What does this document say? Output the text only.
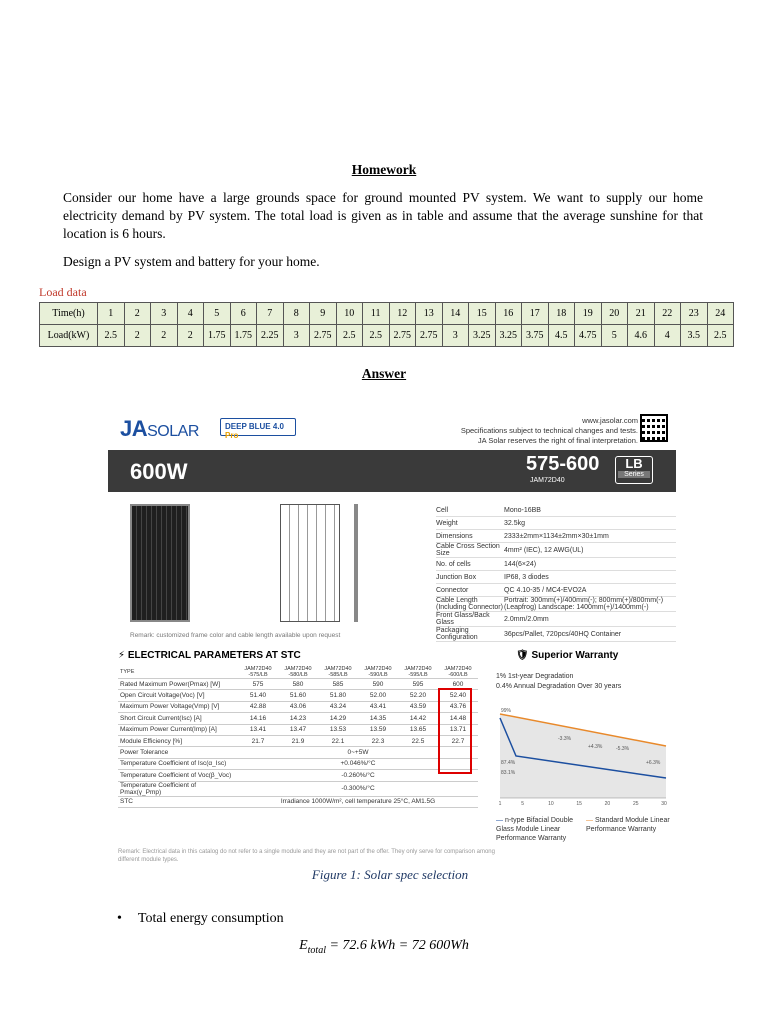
Homework
Consider our home have a large grounds space for ground mounted PV system. We want to supply our home electricity demand by PV system. The total load is given as in table and assume that the average sunshine for that location is 6 hours.
Design a PV system and battery for your home.
Load data
Time(h)	1	2	3	4	5	6	7	8	9	10	11	12	13	14	15	16	17	18	19	20	21	22	23	24
Load(kW)	2.5	2	2	2	1.75	1.75	2.25	3	2.75	2.5	2.5	2.75	2.75	3	3.25	3.25	3.75	4.5	4.75	5	4.6	4	3.5	2.5
Answer
JASOLAR	DEEP BLUE 4.0 Pro
www.jasolar.com
Specifications subject to technical changes and tests.
JA Solar reserves the right of final interpretation.
600W	575-600
JAM72D40
LB
Series
Remark: customized frame color and cable length available upon request
Cell	Mono-16BB
Weight	32.5kg
Dimensions	2333±2mm×1134±2mm×30±1mm
Cable Cross Section Size	4mm² (IEC), 12 AWG(UL)
No. of cells	144(6×24)
Junction Box	IP68, 3 diodes
Connector	QC 4.10-35 / MC4-EVO2A
Cable Length (Including Connector)
Portrait: 300mm(+)/400mm(-); 800mm(+)/800mm(-)(Leapfrog) Landscape: 1400mm(+)/1400mm(-)
Front Glass/Back Glass	2.0mm/2.0mm
Packaging Configuration	36pcs/Pallet, 720pcs/40HQ Container
⚡ ELECTRICAL PARAMETERS AT STC	🛡 Superior Warranty
TYPE	JAM72D40 -575/LB	JAM72D40 -580/LB	JAM72D40 -585/LB	JAM72D40 -590/LB	JAM72D40 -595/LB	JAM72D40 -600/LB
Rated Maximum Power(Pmax) [W]	575	580	585	590	595	600
Open Circuit Voltage(Voc) [V]	51.40	51.60	51.80	52.00	52.20	52.40
Maximum Power Voltage(Vmp) [V]	42.88	43.06	43.24	43.41	43.59	43.76
Short Circuit Current(Isc) [A]	14.16	14.23	14.29	14.35	14.42	14.48
Maximum Power Current(Imp) [A]	13.41	13.47	13.53	13.59	13.65	13.71
Module Efficiency [%]	21.7	21.9	22.1	22.3	22.5	22.7
Power Tolerance	0~+5W					
Temperature Coefficient of Isc(α_Isc)	+0.046%/°C					
Temperature Coefficient of Voc(β_Voc)	-0.260%/°C					
Temperature Coefficient of Pmax(γ_Pmp)	-0.300%/°C					
STC	Irradiance 1000W/m², cell temperature 25°C, AM1.5G					
1% 1st-year Degradation
0.4% Annual Degradation Over 30 years
99%
-3.3%
+4.3%	-5.3%
+6.3%
87.4%
83.1%
1	5	10	15	20	25	30
— n-type Bifacial Double Glass Module Linear Performance Warranty
— Standard Module Linear Performance Warranty
Remark: Electrical data in this catalog do not refer to a single module and they are not part of the offer. They only serve for comparison among different module types.
Figure 1: Solar spec selection
• Total energy consumption
$E_{total} = 72.6$ kWh = 72 600Wh
